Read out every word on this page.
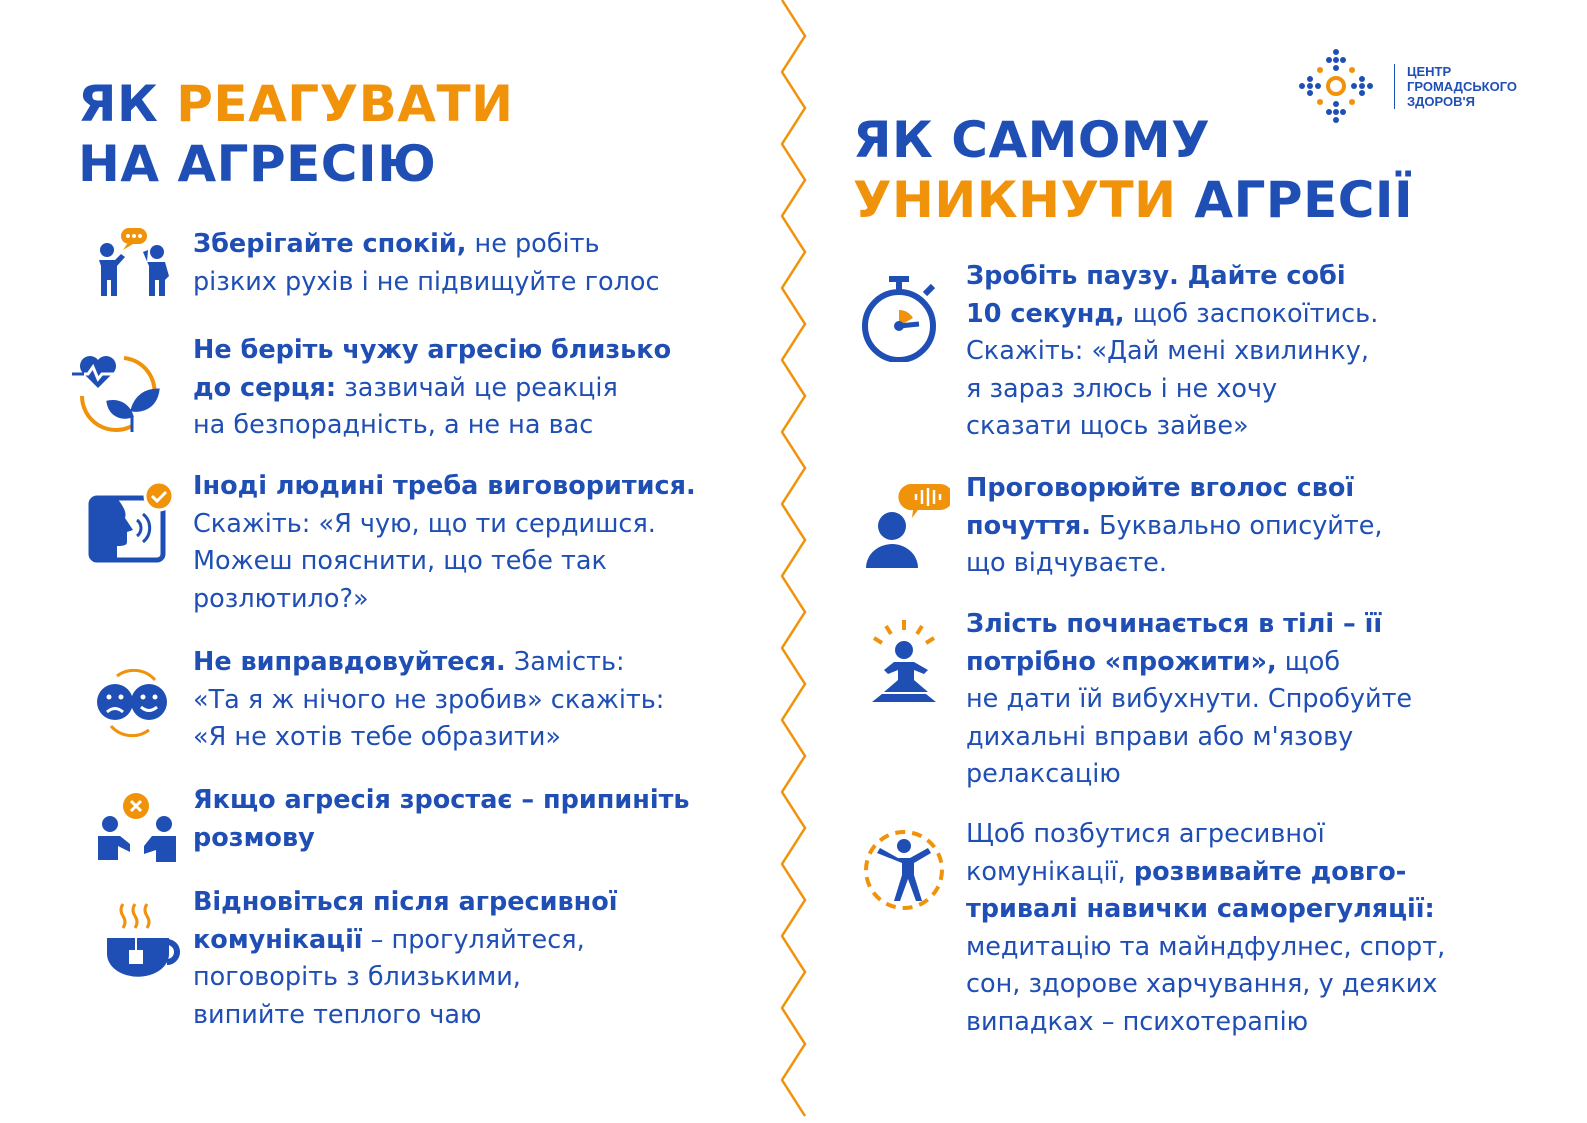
ЦЕНТР
ГРОМАДСЬКОГО
ЗДОРОВ'Я
ЯК РЕАГУВАТИ
НА АГРЕСІЮ	ЯК САМОМУ
УНИКНУТИ АГРЕСІЇ
Зберігайте спокій, не робіть
різких рухів і не підвищуйте голос
Не беріть чужу агресію близько
до серця: зазвичай це реакція
на безпорадність, а не на вас
Іноді людині треба виговоритися.
Скажіть: «Я чую, що ти сердишся.
Можеш пояснити, що тебе так
розлютило?»
Не виправдовуйтеся. Замість:
«Та я ж нічого не зробив» скажіть:
«Я не хотів тебе образити»
Якщо агресія зростає – припиніть
розмову
Відновіться після агресивної
комунікації – прогуляйтеся,
поговоріть з близькими,
випийте теплого чаю
Зробіть паузу. Дайте собі
10 секунд, щоб заспокоїтись.
Скажіть: «Дай мені хвилинку,
я зараз злюсь і не хочу
сказати щось зайве»
Проговорюйте вголос свої
почуття. Буквально описуйте,
що відчуваєте.
Злість починається в тілі – її
потрібно «прожити», щоб
не дати їй вибухнути. Спробуйте
дихальні вправи або м'язову
релаксацію
Щоб позбутися агресивної
комунікації, розвивайте довго-
тривалі навички саморегуляції:
медитацію та майндфулнес, спорт,
сон, здорове харчування, у деяких
випадках – психотерапію
